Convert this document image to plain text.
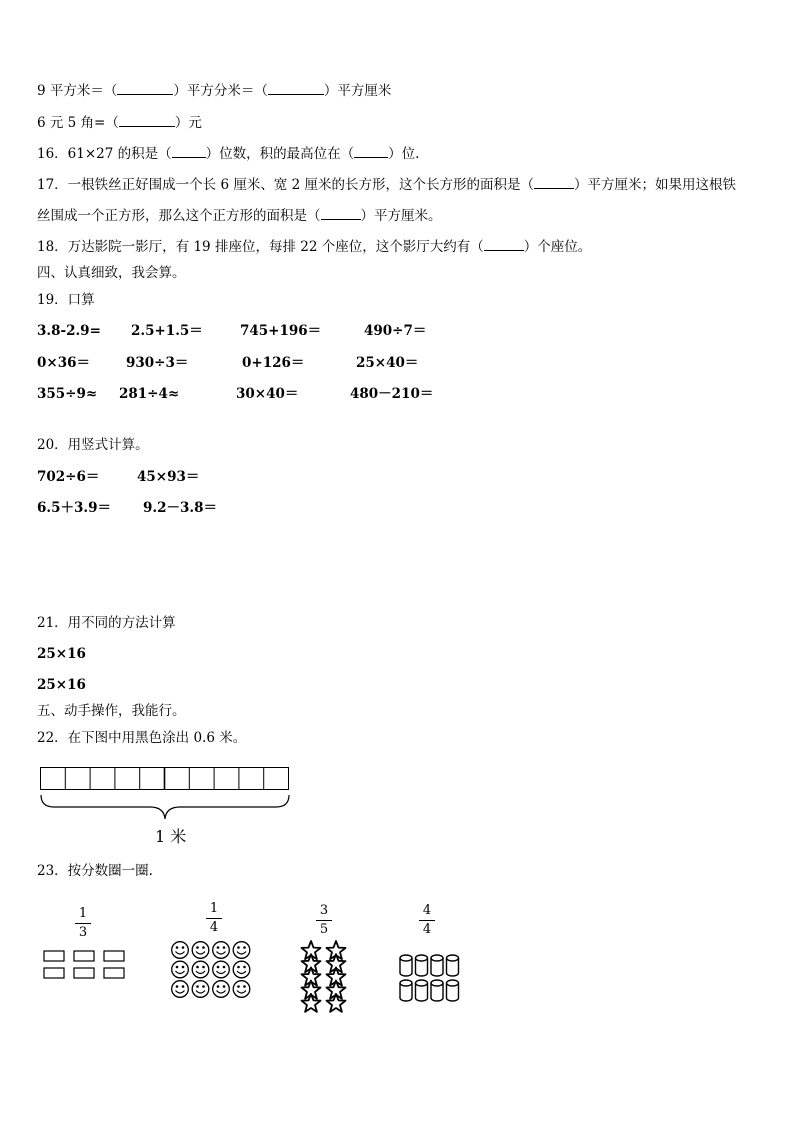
9 平方米＝（	）平方分米＝（	）平方厘米
6 元 5 角=（	）元
16．61×27 的积是（	）位数，积的最高位在（	）位.
17．一根铁丝正好围成一个长 6 厘米、宽 2 厘米的长方形，这个长方形的面积是（	）平方厘米；如果用这根铁
丝围成一个正方形，那么这个正方形的面积是（	）平方厘米。
18．万达影院一影厅，有 19 排座位，每排 22 个座位，这个影厅大约有（	）个座位。
四、认真细致，我会算。
19．口算
3.8-2.9= 2.5+1.5＝	745+196＝	490÷7＝
0×36＝	930÷3＝	0+126＝	25×40＝
355÷9≈ 281÷4≈	30×40＝	480－210＝
20．用竖式计算。
702÷6＝	45×93＝
6.5＋3.9＝ 9.2－3.8＝
21．用不同的方法计算
25×16
25×16
五、动手操作，我能行。
22．在下图中用黑色涂出 0.6 米。
1 米
23．按分数圈一圈.
1
3
1
4
3
5
4
4
